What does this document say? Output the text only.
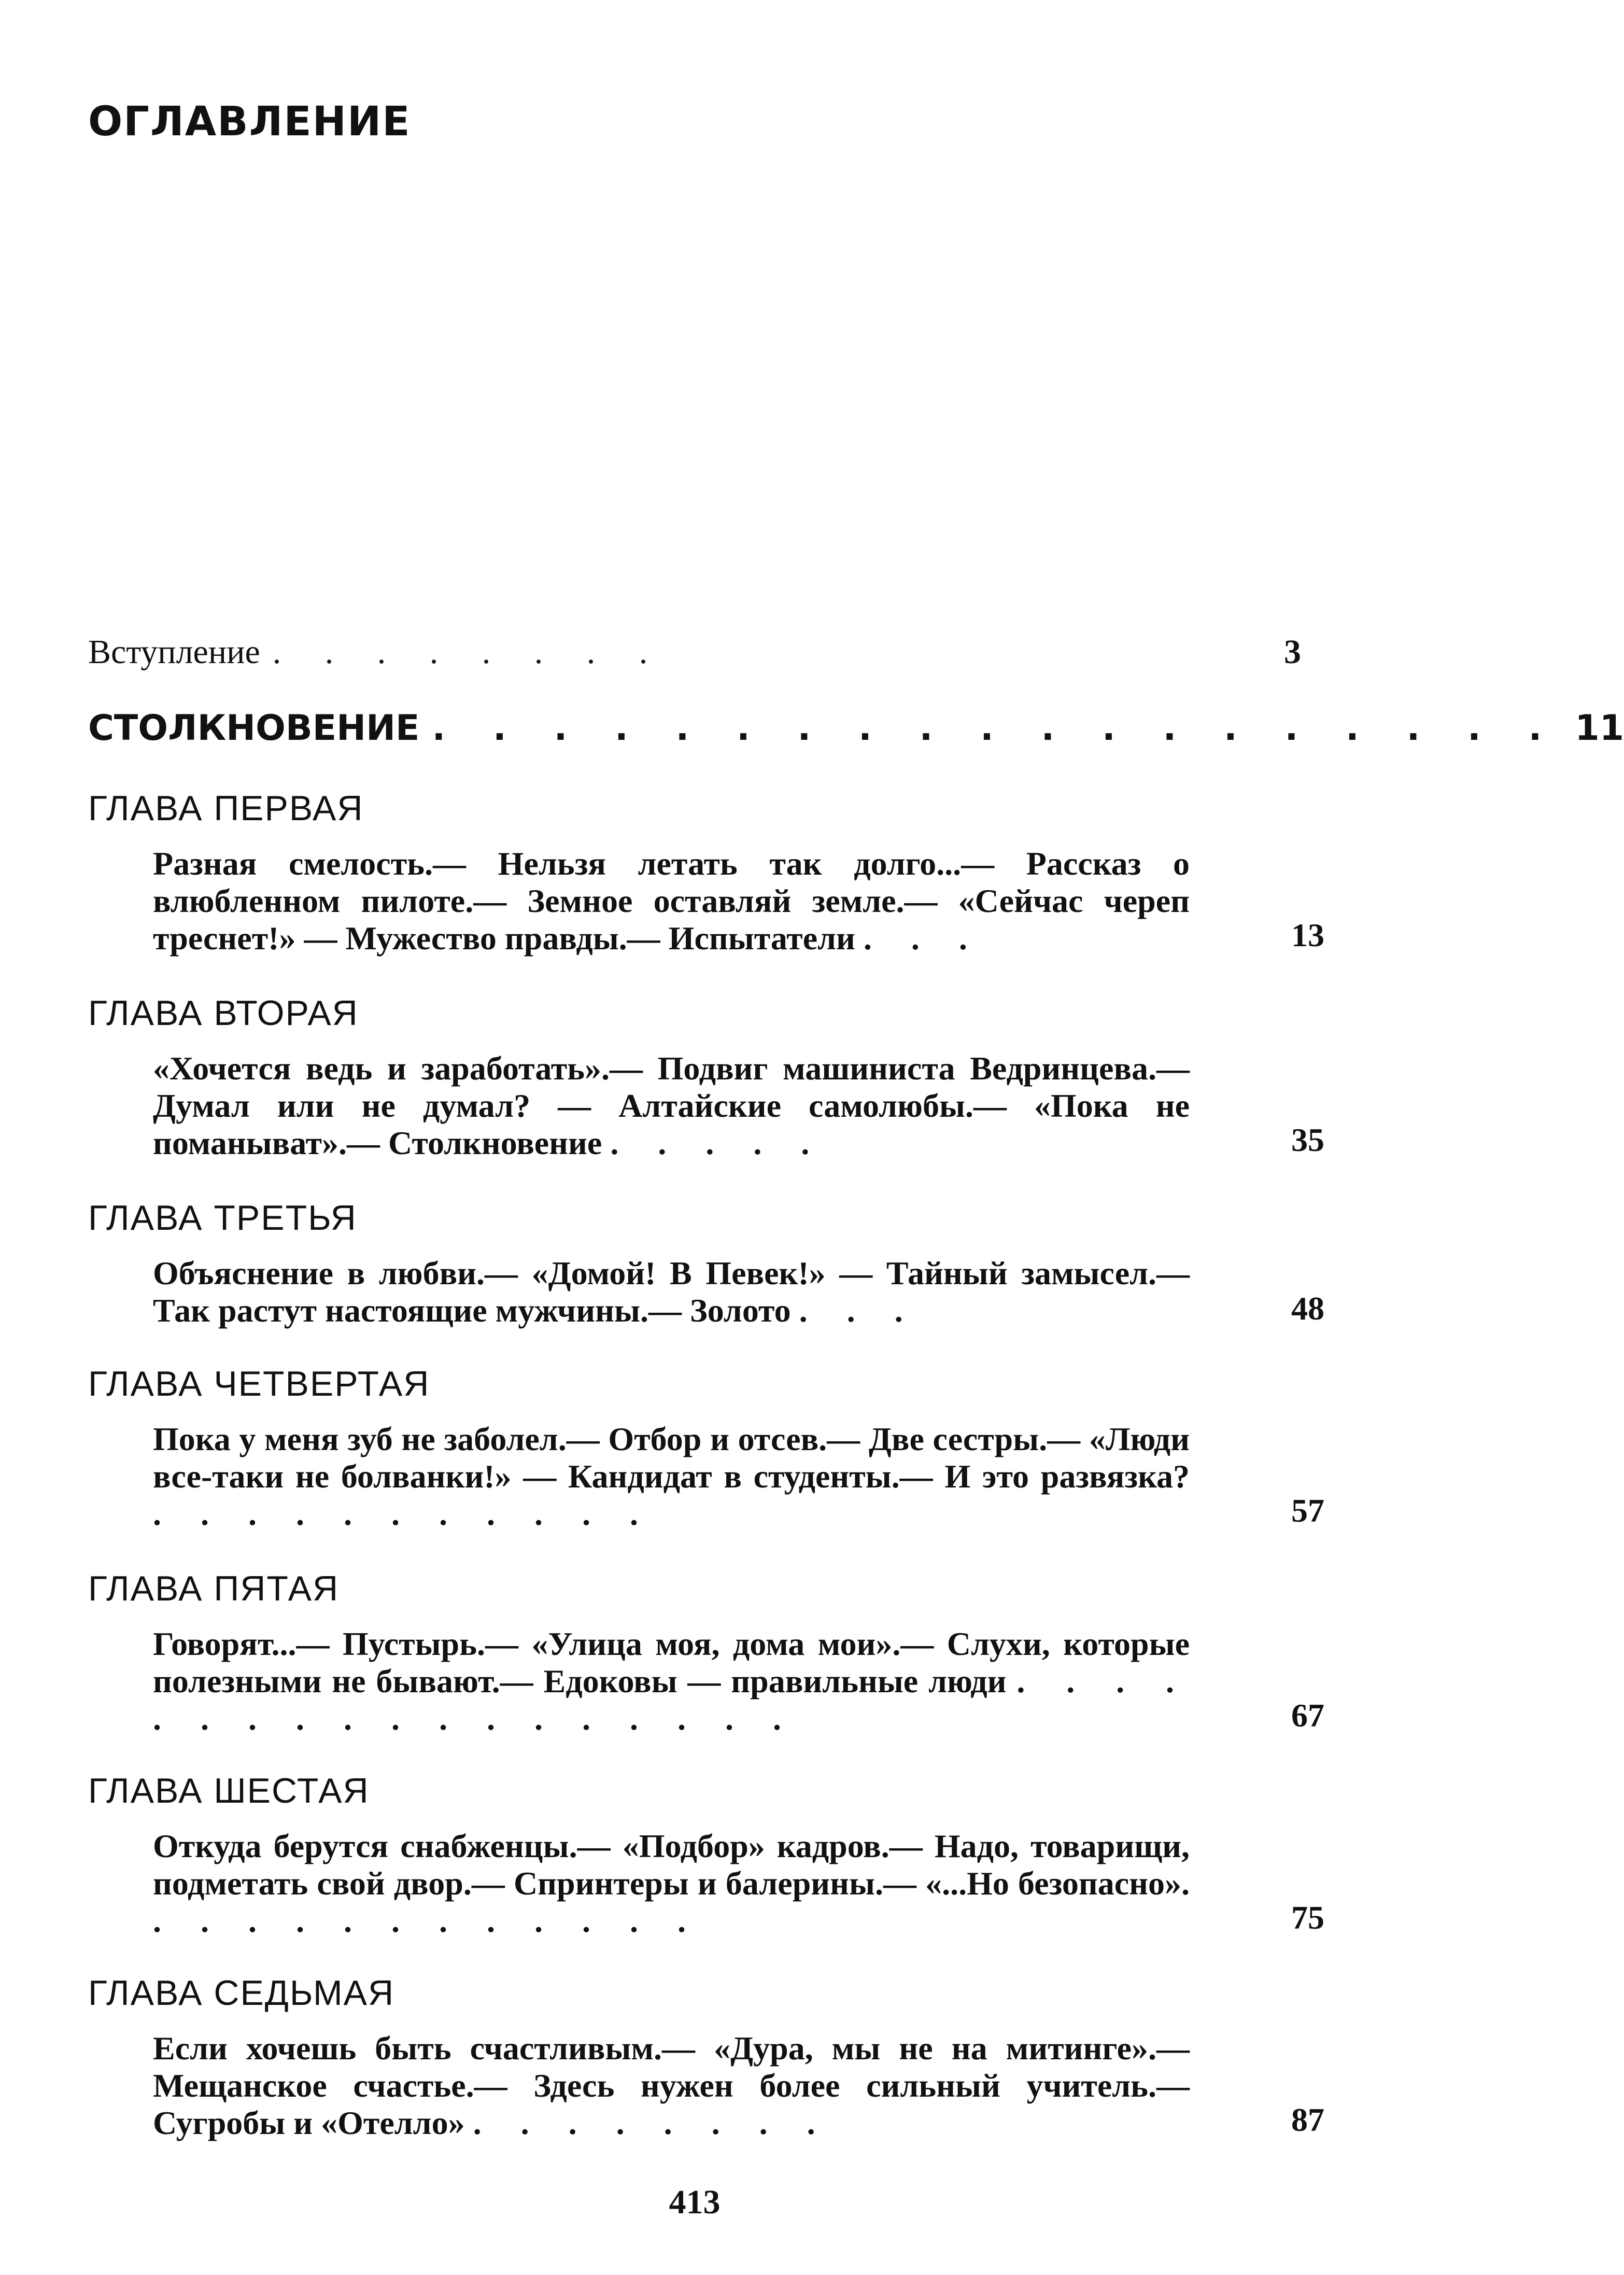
ОГЛАВЛЕНИЕ
Вступление . . . . . . . .	3
СТОЛКНОВЕНИЕ . . . . . . . . . . . . . . . . . . . 11
ГЛАВА ПЕРВАЯ
Разная смелость.— Нельзя летать так долго...— Рассказ о влюбленном пилоте.— Земное оставляй земле.— «Сейчас череп треснет!» — Мужество правды.— Испытатели . . .	13
ГЛАВА ВТОРАЯ
«Хочется ведь и заработать».— Подвиг машиниста Ведринцева.— Думал или не думал? — Алтайские самолюбы.— «Пока не поманыват».— Столкновение . . . . .	35
ГЛАВА ТРЕТЬЯ
Объяснение в любви.— «Домой! В Певек!» — Тайный замысел.— Так растут настоящие мужчины.— Золото . . .	48
ГЛАВА ЧЕТВЕРТАЯ
Пока у меня зуб не заболел.— Отбор и отсев.— Две сестры.— «Люди все-таки не болванки!» — Кандидат в студенты.— И это развязка? . . . . . . . . . . .	57
ГЛАВА ПЯТАЯ
Говорят...— Пустырь.— «Улица моя, дома мои».— Слухи, которые полезными не бывают.— Едоковы — правильные люди . . . . . . . . . . . . . . . . . .	67
ГЛАВА ШЕСТАЯ
Откуда берутся снабженцы.— «Подбор» кадров.— Надо, товарищи, подметать свой двор.— Спринтеры и балерины.— «...Но безопасно». . . . . . . . . . . . .	75
ГЛАВА СЕДЬМАЯ
Если хочешь быть счастливым.— «Дура, мы не на митинге».— Мещанское счастье.— Здесь нужен более сильный учитель.— Сугробы и «Отелло» . . . . . . . .	87
413
